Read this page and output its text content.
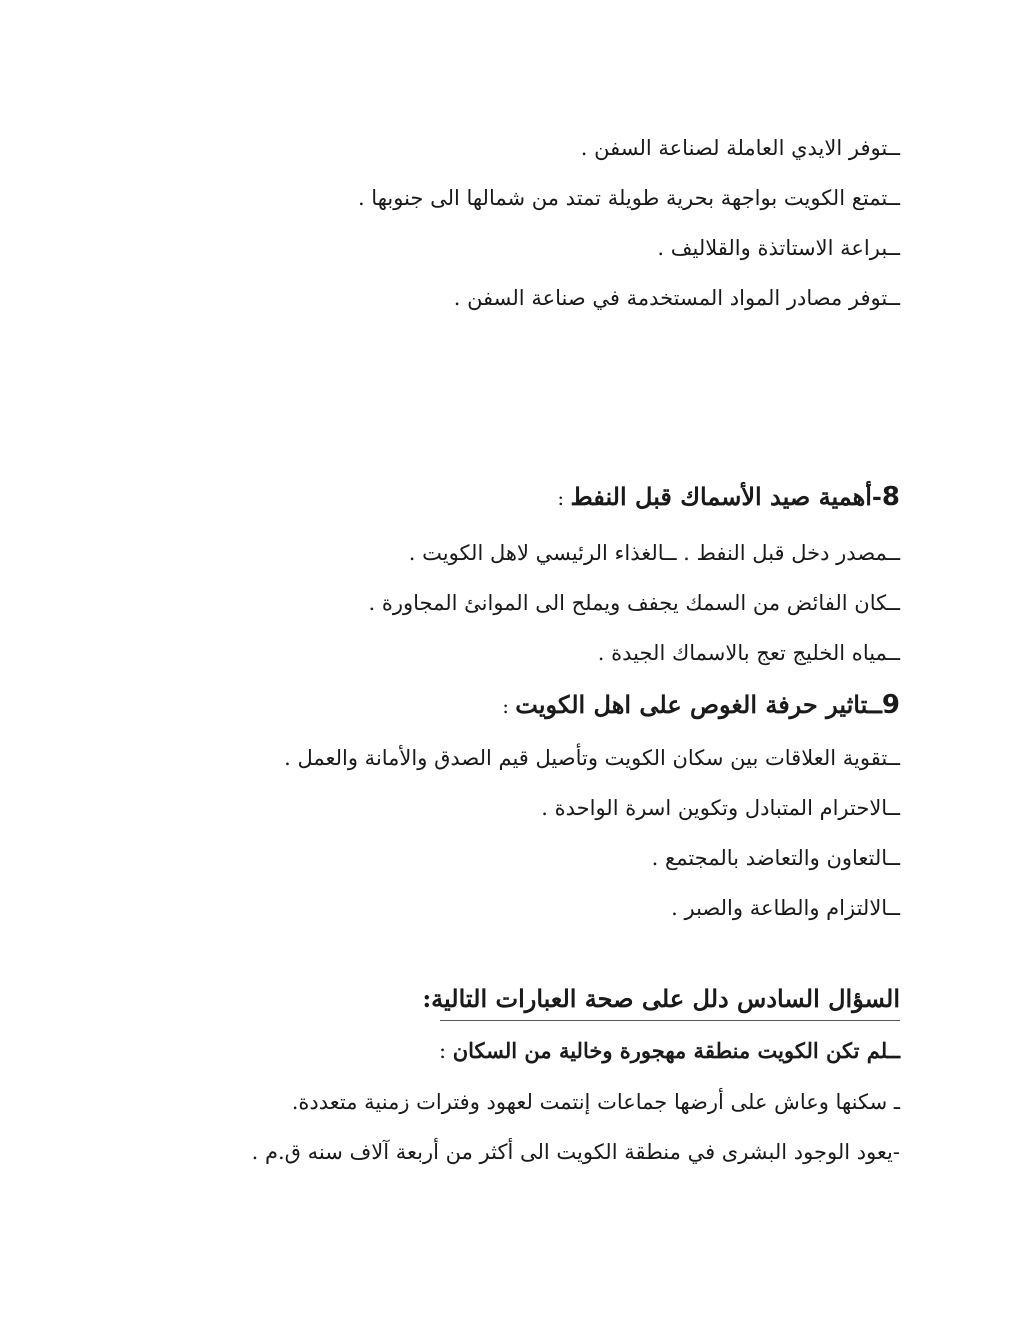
ــتوفر الايدي العاملة لصناعة السفن .
ــتمتع الكويت بواجهة بحرية طويلة تمتد من شمالها الى جنوبها .
ــبراعة الاستاتذة والقلاليف .
ــتوفر مصادر المواد المستخدمة في صناعة السفن .
8-أهمية صيد الأسماك قبل النفط :
ــمصدر دخل قبل النفط . ــالغذاء الرئيسي لاهل الكويت .
ــكان الفائض من السمك يجفف ويملح الى الموانئ المجاورة .
ــمياه الخليج تعج بالاسماك الجيدة .
9ــتاثير حرفة الغوص على اهل الكويت :
ــتقوية العلاقات بين سكان الكويت وتأصيل قيم الصدق والأمانة والعمل .
ــالاحترام المتبادل وتكوين اسرة الواحدة .
ــالتعاون والتعاضد بالمجتمع .
ــالالتزام والطاعة والصبر .
السؤال السادس دلل على صحة العبارات التالية:
ــلم تكن الكويت منطقة مهجورة وخالية من السكان :
ـ سكنها وعاش على أرضها جماعات إنتمت لعهود وفترات زمنية متعددة.
-يعود الوجود البشرى في منطقة الكويت الى أكثر من أربعة آلاف سنه ق.م .
